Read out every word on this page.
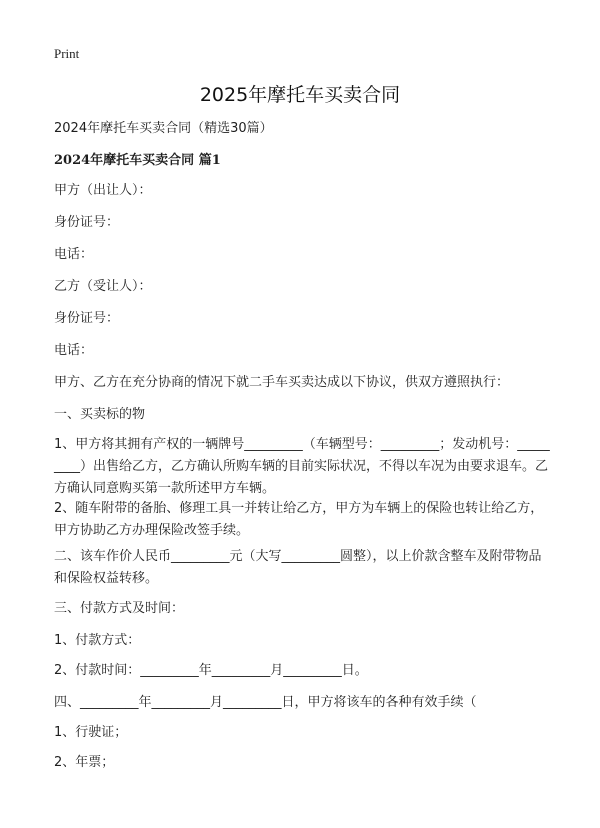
Print
2025年摩托车买卖合同
2024年摩托车买卖合同（精选30篇）
2024年摩托车买卖合同 篇1
甲方（出让人）：
身份证号：
电话：
乙方（受让人）：
身份证号：
电话：
甲方、乙方在充分协商的情况下就二手车买卖达成以下协议，供双方遵照执行：
一、买卖标的物
1、甲方将其拥有产权的一辆牌号_________（车辆型号：_________；发动机号：_________）出售给乙方，乙方确认所购车辆的目前实际状况，不得以车况为由要求退车。乙方确认同意购买第一款所述甲方车辆。
2、随车附带的备胎、修理工具一并转让给乙方，甲方为车辆上的保险也转让给乙方，甲方协助乙方办理保险改签手续。
二、该车作价人民币_________元（大写_________圆整），以上价款含整车及附带物品和保险权益转移。
三、付款方式及时间：
1、付款方式：
2、付款时间：_________年_________月_________日。
四、_________年_________月_________日，甲方将该车的各种有效手续（
1、行驶证；
2、年票；
